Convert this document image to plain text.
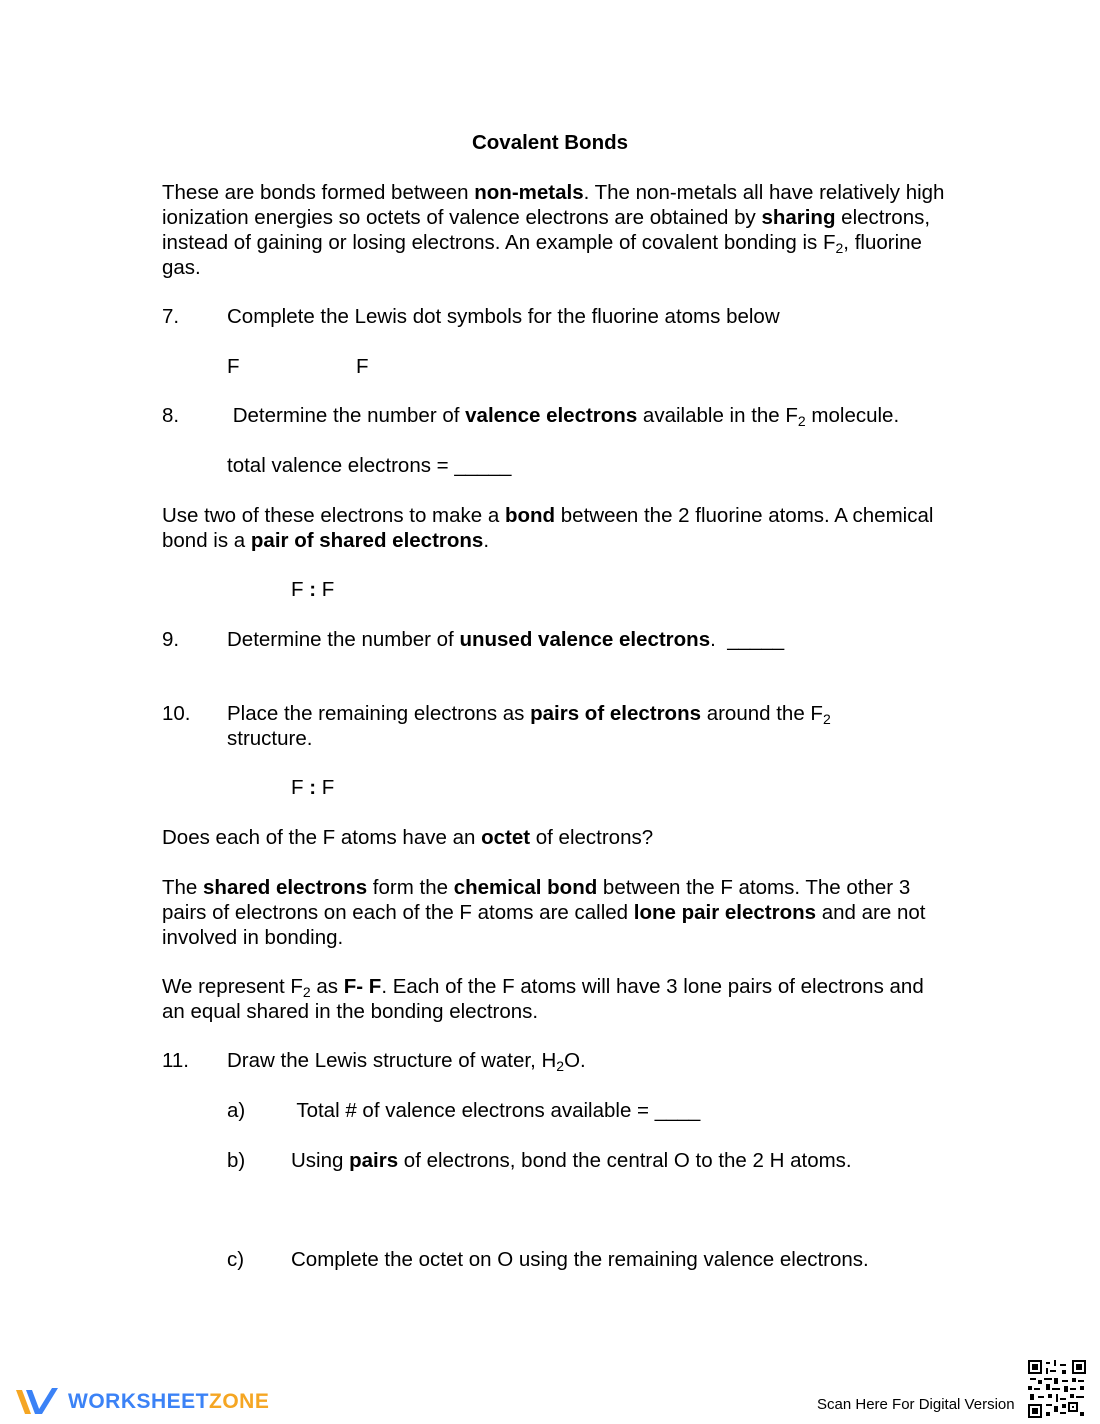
Covalent Bonds

These are bonds formed between non-metals. The non-metals all have relatively high ionization energies so octets of valence electrons are obtained by sharing electrons, instead of gaining or losing electrons. An example of covalent bonding is $F_2$, fluorine gas.

7. Complete the Lewis dot symbols for the fluorine atoms below
F	F
8. Determine the number of valence electrons available in the $F_2$ molecule.
total valence electrons = _____

Use two of these electrons to make a bond between the 2 fluorine atoms. A chemical bond is a pair of shared electrons.

F : F
9. Determine the number of unused valence electrons.  _____
10. Place the remaining electrons as pairs of electrons around the $F_2$ structure.
F : F

Does each of the F atoms have an octet of electrons?

The shared electrons form the chemical bond between the F atoms. The other 3 pairs of electrons on each of the F atoms are called lone pair electrons and are not involved in bonding.

We represent $F_2$ as F- F. Each of the F atoms will have 3 lone pairs of electrons and an equal shared in the bonding electrons.

11. Draw the Lewis structure of water, $H_2O$.
a) Total # of valence electrons available = ____
b) Using pairs of electrons, bond the central O to the 2 H atoms.
c) Complete the octet on O using the remaining valence electrons.
WORKSHEETZONE	Scan Here For Digital Version
